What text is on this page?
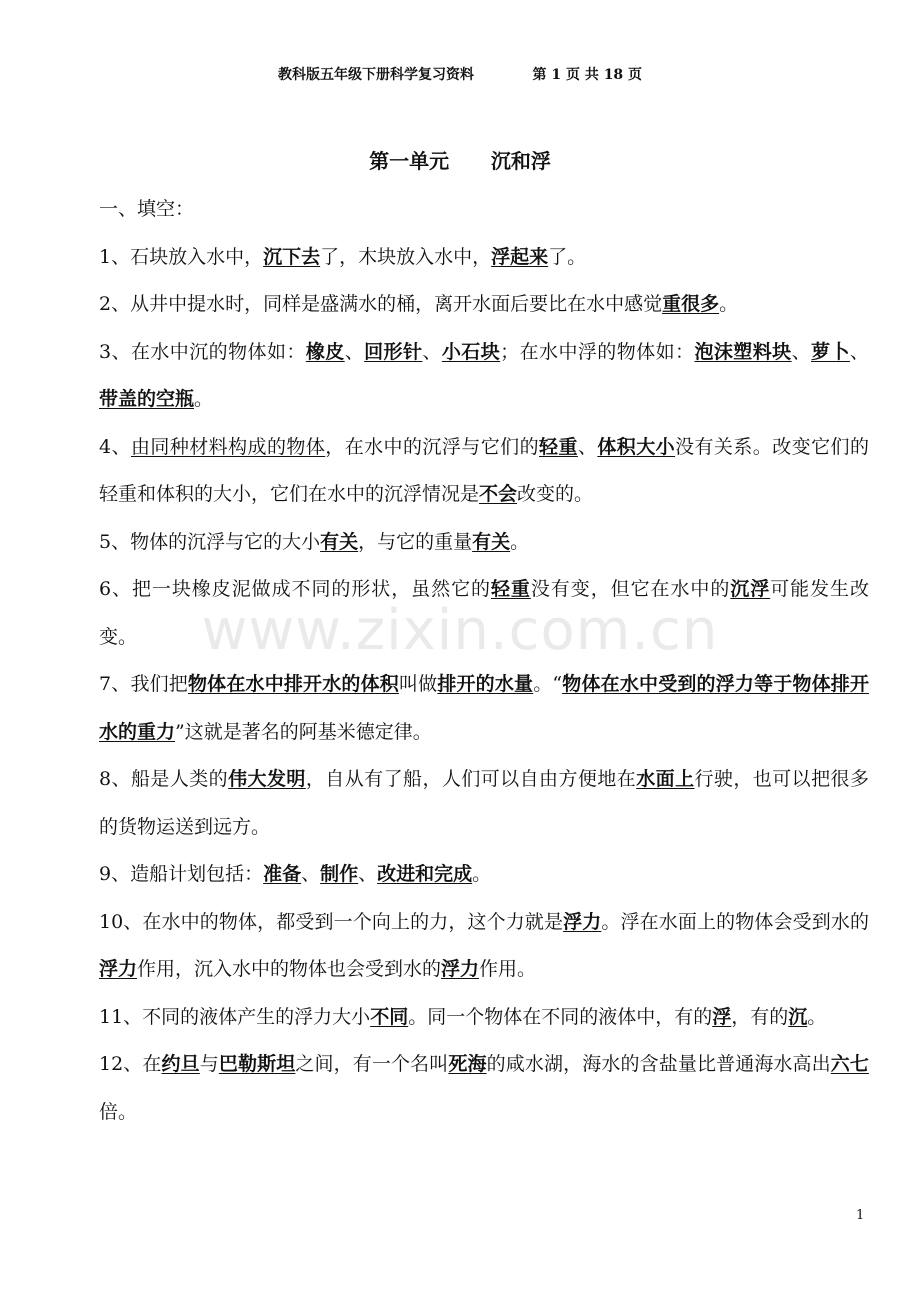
教科版五年级下册科学复习资料	第 1 页 共 18 页
第一单元      沉和浮

一、填空：

1、石块放入水中，沉下去了，木块放入水中，浮起来了。

2、从井中提水时，同样是盛满水的桶，离开水面后要比在水中感觉重很多。

3、在水中沉的物体如：橡皮、回形针、小石块；在水中浮的物体如：泡沫塑料块、萝卜、带盖的空瓶。

4、由同种材料构成的物体，在水中的沉浮与它们的轻重、体积大小没有关系。改变它们的轻重和体积的大小，它们在水中的沉浮情况是不会改变的。

5、物体的沉浮与它的大小有关，与它的重量有关。

6、把一块橡皮泥做成不同的形状，虽然它的轻重没有变，但它在水中的沉浮可能发生改变。

7、我们把物体在水中排开水的体积叫做排开的水量。“物体在水中受到的浮力等于物体排开水的重力”这就是著名的阿基米德定律。

8、船是人类的伟大发明，自从有了船，人们可以自由方便地在水面上行驶，也可以把很多的货物运送到远方。

9、造船计划包括：准备、制作、改进和完成。

10、在水中的物体，都受到一个向上的力，这个力就是浮力。浮在水面上的物体会受到水的浮力作用，沉入水中的物体也会受到水的浮力作用。

11、不同的液体产生的浮力大小不同。同一个物体在不同的液体中，有的浮，有的沉。

12、在约旦与巴勒斯坦之间，有一个名叫死海的咸水湖，海水的含盐量比普通海水高出六七倍。

www.zixin.com.cn
1
